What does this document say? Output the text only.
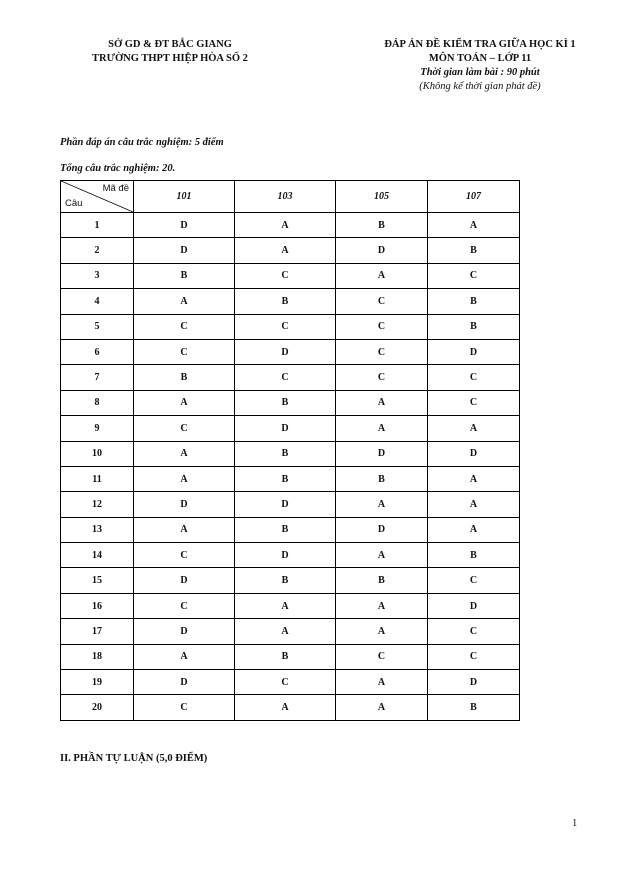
SỞ GD & ĐT BẮC GIANG
TRƯỜNG THPT HIỆP HÒA SỐ 2
ĐÁP ÁN ĐỀ KIỂM TRA GIỮA HỌC KÌ 1
MÔN TOÁN – LỚP 11
Thời gian làm bài : 90 phút
(Không kể thời gian phát đề)
Phần đáp án câu trắc nghiệm: 5 điểm
Tổng câu trắc nghiệm: 20.
Mã đề
Câu	101	103	105	107
1	D	A	B	A
2	D	A	D	B
3	B	C	A	C
4	A	B	C	B
5	C	C	C	B
6	C	D	C	D
7	B	C	C	C
8	A	B	A	C
9	C	D	A	A
10	A	B	D	D
11	A	B	B	A
12	D	D	A	A
13	A	B	D	A
14	C	D	A	B
15	D	B	B	C
16	C	A	A	D
17	D	A	A	C
18	A	B	C	C
19	D	C	A	D
20	C	A	A	B
II. PHẦN TỰ LUẬN (5,0 ĐIỂM)
1
